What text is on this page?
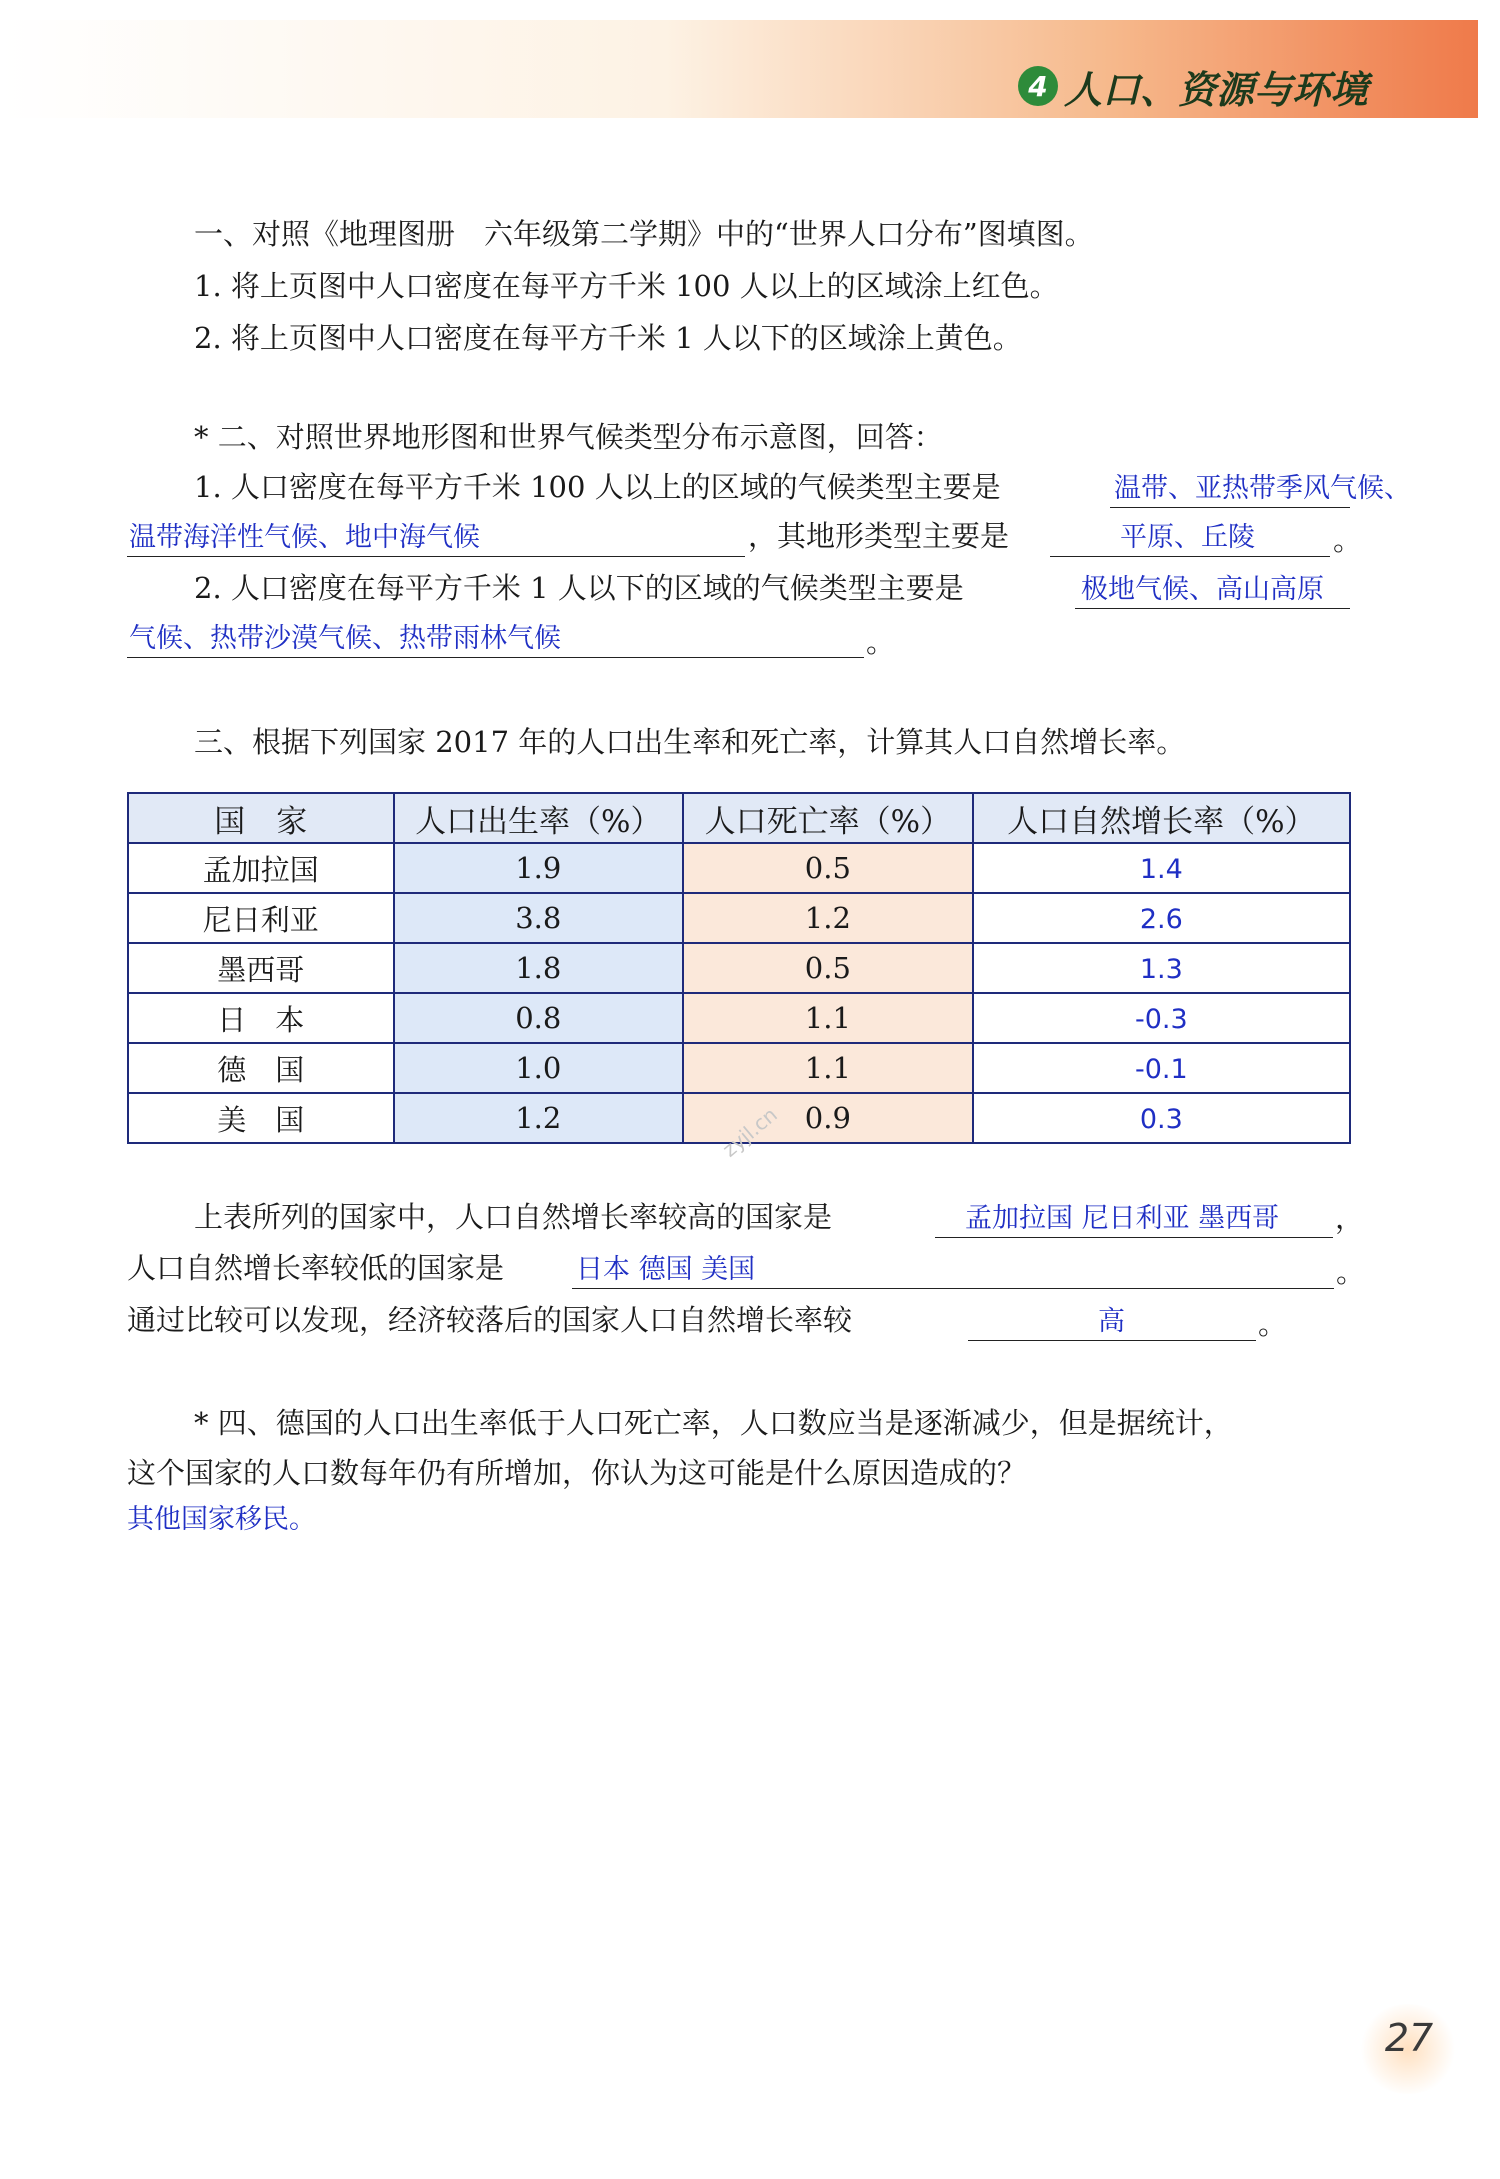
4 人口、资源与环境
一、对照《地理图册　六年级第二学期》中的“世界人口分布”图填图。
1. 将上页图中人口密度在每平方千米 100 人以上的区域涂上红色。
2. 将上页图中人口密度在每平方千米 1 人以下的区域涂上黄色。
* 二、对照世界地形图和世界气候类型分布示意图，回答：
1. 人口密度在每平方千米 100 人以上的区域的气候类型主要是	温带、亚热带季风气候、
温带海洋性气候、地中海气候	，其地形类型主要是	平原、丘陵	。
2. 人口密度在每平方千米 1 人以下的区域的气候类型主要是	极地气候、高山高原
气候、热带沙漠气候、热带雨林气候	。
三、根据下列国家 2017 年的人口出生率和死亡率，计算其人口自然增长率。
国　家	人口出生率（%）	人口死亡率（%）	人口自然增长率（%）
孟加拉国	1.9	0.5	1.4
尼日利亚	3.8	1.2	2.6
墨西哥	1.8	0.5	1.3
日　本	0.8	1.1	-0.3
德　国	1.0	1.1	-0.1
美　国	1.2	0.9	0.3
zyjl.cn
上表所列的国家中，人口自然增长率较高的国家是	孟加拉国 尼日利亚 墨西哥 ，
人口自然增长率较低的国家是	日本 德国 美国	。
通过比较可以发现，经济较落后的国家人口自然增长率较	高	。
* 四、德国的人口出生率低于人口死亡率，人口数应当是逐渐减少，但是据统计，
这个国家的人口数每年仍有所增加，你认为这可能是什么原因造成的？
其他国家移民。
27
